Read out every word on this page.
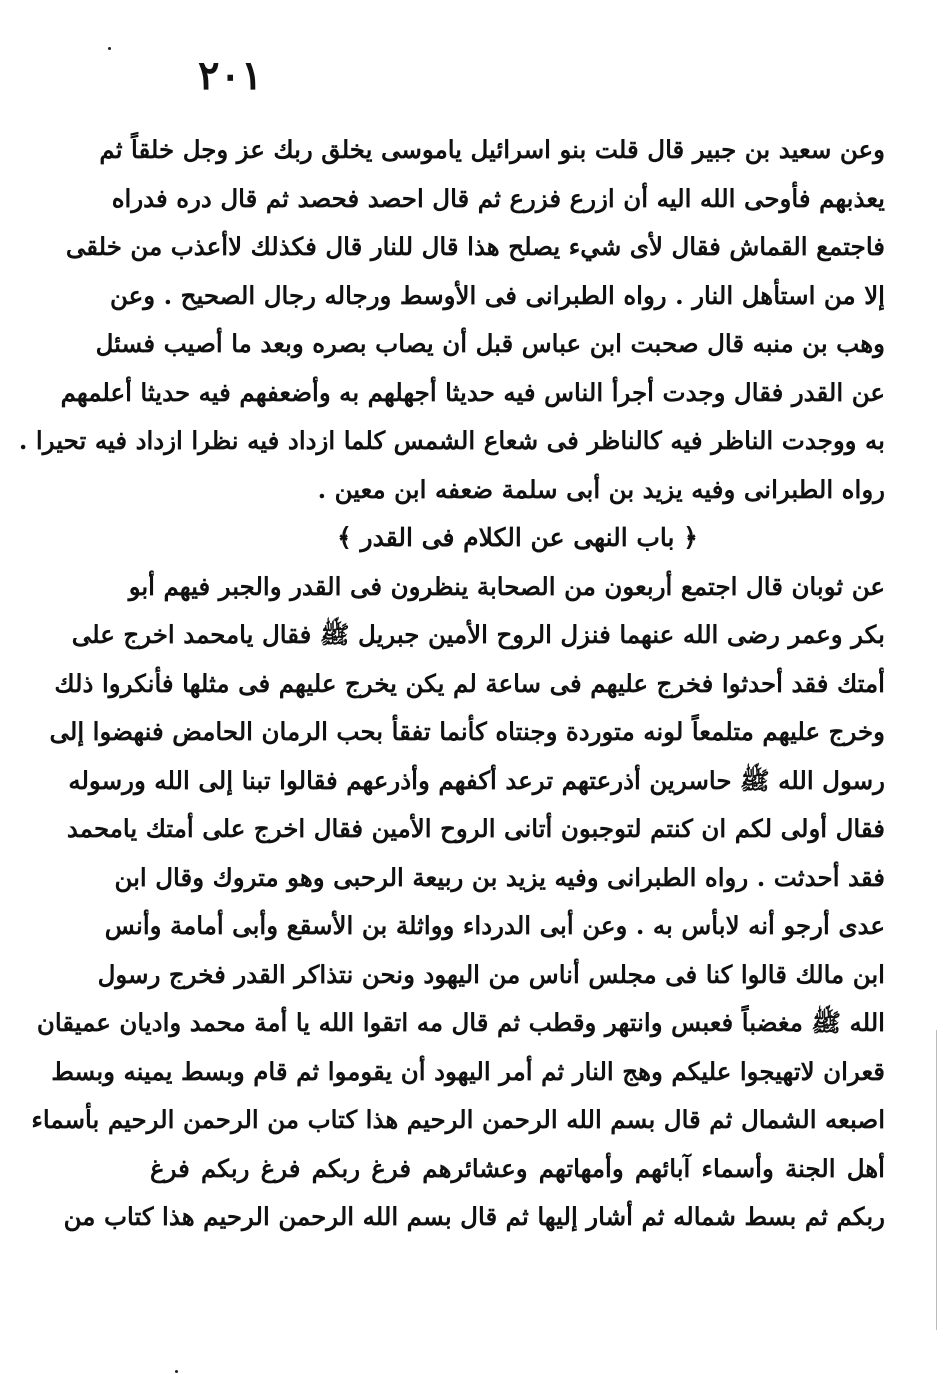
٢٠١
وعن سعيد بن جبير قال قلت بنو اسرائيل ياموسى يخلق ربك عز وجل خلقاً ثم
يعذبهم فأوحى الله اليه أن ازرع فزرع ثم قال احصد فحصد ثم قال دره فدراه
فاجتمع القماش فقال لأى شيء يصلح هذا قال للنار قال فكذلك لاأعذب من خلقى
إلا من استأهل النار . رواه الطبرانى فى الأوسط ورجاله رجال الصحيح . وعن
وهب بن منبه قال صحبت ابن عباس قبل أن يصاب بصره وبعد ما أصيب فسئل
عن القدر فقال وجدت أجرأ الناس فيه حديثا أجهلهم به وأضعفهم فيه حديثا أعلمهم
به ووجدت الناظر فيه كالناظر فى شعاع الشمس كلما ازداد فيه نظرا ازداد فيه تحيرا .
رواه الطبرانى وفيه يزيد بن أبى سلمة ضعفه ابن معين .
﴿ باب النهى عن الكلام فى القدر ﴾
عن ثوبان قال اجتمع أربعون من الصحابة ينظرون فى القدر والجبر فيهم أبو
بكر وعمر رضى الله عنهما فنزل الروح الأمين جبريل ﷺ فقال يامحمد اخرج على
أمتك فقد أحدثوا فخرج عليهم فى ساعة لم يكن يخرج عليهم فى مثلها فأنكروا ذلك
وخرج عليهم متلمعاً لونه متوردة وجنتاه كأنما تفقأ بحب الرمان الحامض فنهضوا إلى
رسول الله ﷺ حاسرين أذرعتهم ترعد أكفهم وأذرعهم فقالوا تبنا إلى الله ورسوله
فقال أولى لكم ان كنتم لتوجبون أتانى الروح الأمين فقال اخرج على أمتك يامحمد
فقد أحدثت . رواه الطبرانى وفيه يزيد بن ربيعة الرحبى وهو متروك وقال ابن
عدى أرجو أنه لابأس به . وعن أبى الدرداء وواثلة بن الأسقع وأبى أمامة وأنس
ابن مالك قالوا كنا فى مجلس أناس من اليهود ونحن نتذاكر القدر فخرج رسول
الله ﷺ مغضباً فعبس وانتهر وقطب ثم قال مه اتقوا الله يا أمة محمد واديان عميقان
قعران لاتهيجوا عليكم وهج النار ثم أمر اليهود أن يقوموا ثم قام وبسط يمينه وبسط
اصبعه الشمال ثم قال بسم الله الرحمن الرحيم هذا كتاب من الرحمن الرحيم بأسماء
أهل الجنة وأسماء آبائهم وأمهاتهم وعشائرهم فرغ ربكم فرغ ربكم فرغ
ربكم ثم بسط شماله ثم أشار إليها ثم قال بسم الله الرحمن الرحيم هذا كتاب من
